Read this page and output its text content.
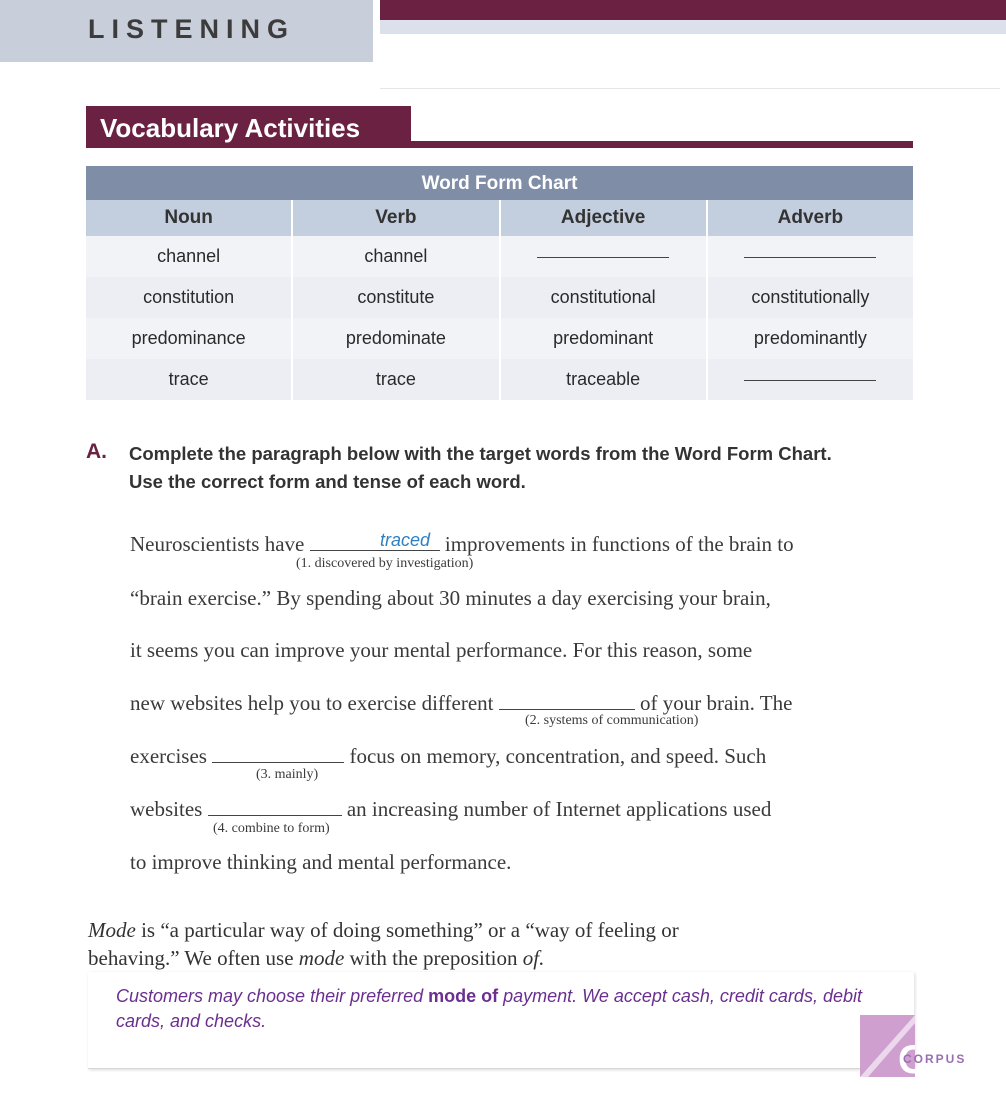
LISTENING
Vocabulary Activities
Word Form Chart
Noun	Verb	Adjective	Adverb
channel	channel
constitution	constitute	constitutional	constitutionally
predominance	predominate	predominant	predominantly
trace	trace	traceable
A. Complete the paragraph below with the target words from the Word Form Chart.
Use the correct form and tense of each word.
Neuroscientists have	improvements in functions of the brain to
traced
(1. discovered by investigation)
“brain exercise.” By spending about 30 minutes a day exercising your brain,
it seems you can improve your mental performance. For this reason, some
new websites help you to exercise different	of your brain. The
(2. systems of communication)
exercises	focus on memory, concentration, and speed. Such
(3. mainly)
websites	an increasing number of Internet applications used
(4. combine to form)
to improve thinking and mental performance.
Mode is “a particular way of doing something” or a “way of feeling or
behaving.” We often use mode with the preposition of.
Customers may choose their preferred mode of payment. We accept cash, credit cards, debit cards, and checks.
C
CORPUS
